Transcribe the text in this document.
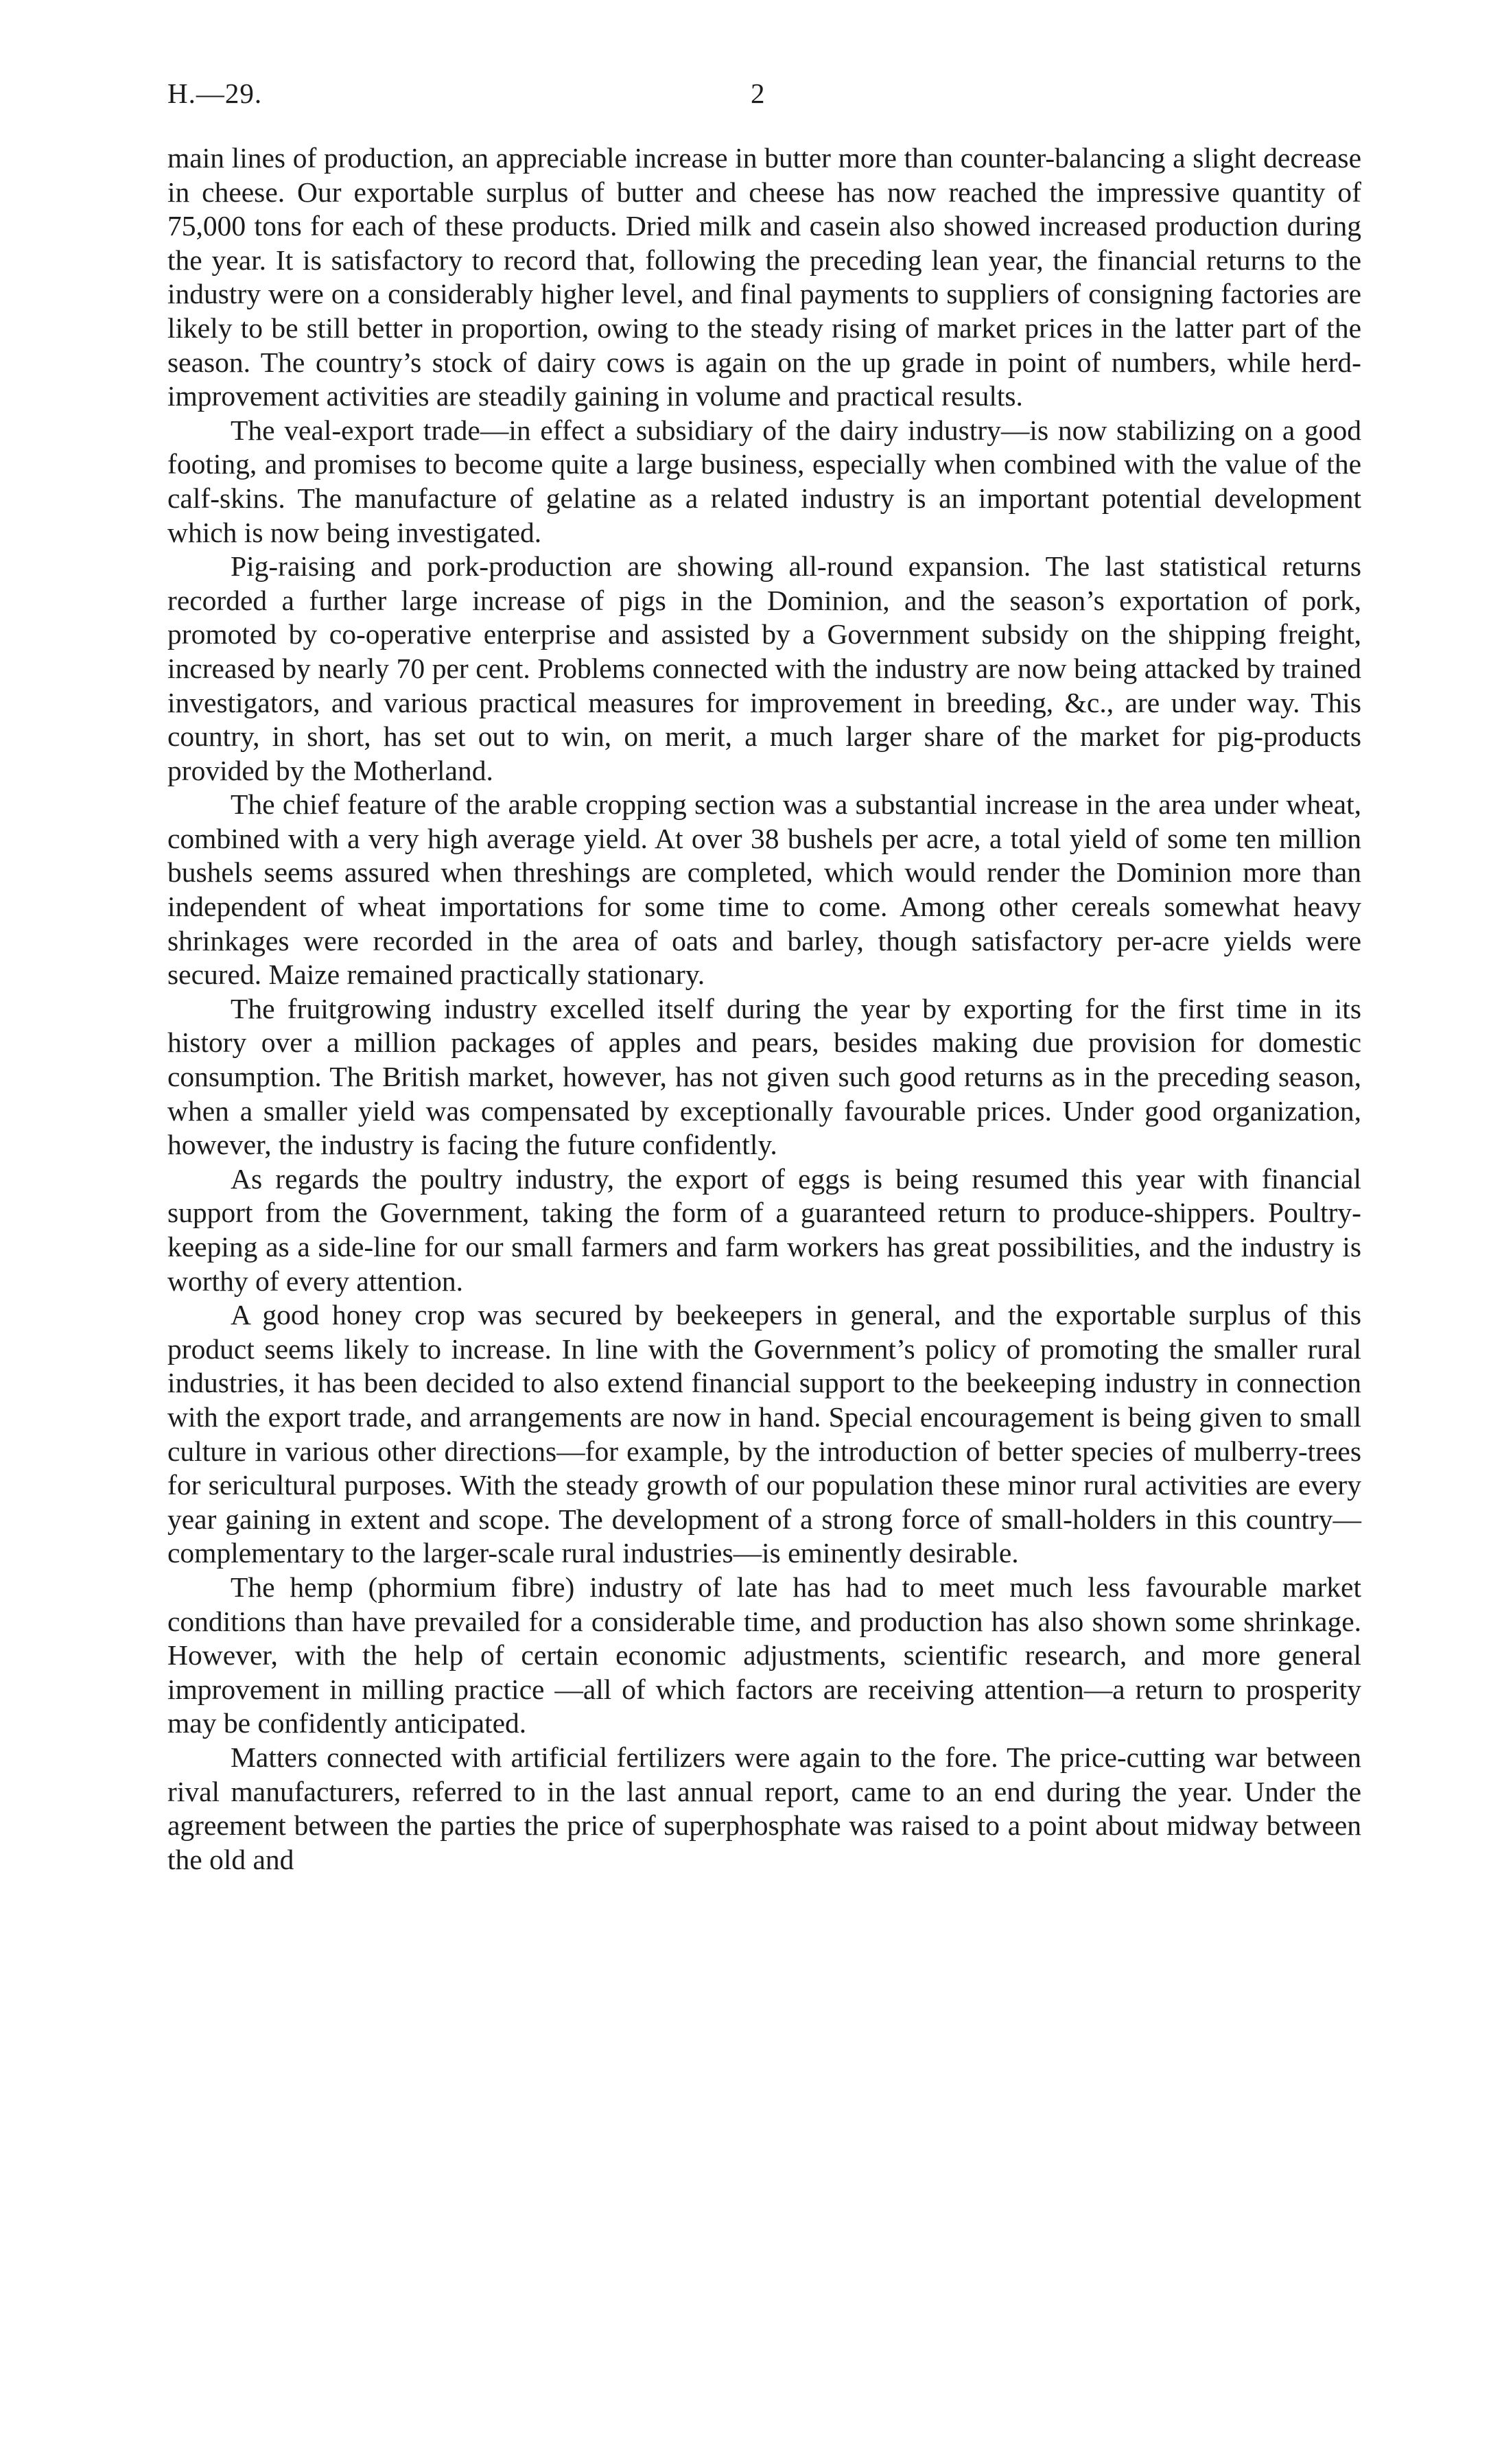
H.—29.	2

main lines of production, an appreciable increase in butter more than counter-balancing a slight decrease in cheese. Our exportable surplus of butter and cheese has now reached the impressive quantity of 75,000 tons for each of these products. Dried milk and casein also showed increased production during the year. It is satisfactory to record that, following the preceding lean year, the financial returns to the industry were on a considerably higher level, and final payments to suppliers of consigning factories are likely to be still better in proportion, owing to the steady rising of market prices in the latter part of the season. The country’s stock of dairy cows is again on the up grade in point of numbers, while herd-improvement activities are steadily gaining in volume and practical results.

The veal-export trade—in effect a subsidiary of the dairy industry—is now stabilizing on a good footing, and promises to become quite a large business, especially when combined with the value of the calf-skins. The manufacture of gelatine as a related industry is an important potential development which is now being investigated.

Pig-raising and pork-production are showing all-round expansion. The last statistical returns recorded a further large increase of pigs in the Dominion, and the season’s exportation of pork, promoted by co-operative enterprise and assisted by a Government subsidy on the shipping freight, increased by nearly 70 per cent. Problems connected with the industry are now being attacked by trained investigators, and various practical measures for improvement in breeding, &c., are under way. This country, in short, has set out to win, on merit, a much larger share of the market for pig-products provided by the Motherland.

The chief feature of the arable cropping section was a substantial increase in the area under wheat, combined with a very high average yield. At over 38 bushels per acre, a total yield of some ten million bushels seems assured when threshings are completed, which would render the Dominion more than independent of wheat importations for some time to come. Among other cereals somewhat heavy shrinkages were recorded in the area of oats and barley, though satisfactory per-acre yields were secured. Maize remained practically stationary.

The fruitgrowing industry excelled itself during the year by exporting for the first time in its history over a million packages of apples and pears, besides making due provision for domestic consumption. The British market, however, has not given such good returns as in the preceding season, when a smaller yield was compensated by exceptionally favourable prices. Under good organization, however, the industry is facing the future confidently.

As regards the poultry industry, the export of eggs is being resumed this year with financial support from the Government, taking the form of a guaranteed return to produce-shippers. Poultry-keeping as a side-line for our small farmers and farm workers has great possibilities, and the industry is worthy of every attention.

A good honey crop was secured by beekeepers in general, and the exportable surplus of this product seems likely to increase. In line with the Government’s policy of promoting the smaller rural industries, it has been decided to also extend financial support to the beekeeping industry in connection with the export trade, and arrangements are now in hand. Special encouragement is being given to small culture in various other directions—for example, by the introduction of better species of mulberry-trees for sericultural purposes. With the steady growth of our population these minor rural activities are every year gaining in extent and scope. The development of a strong force of small-holders in this country—complementary to the larger-scale rural industries—is eminently desirable.

The hemp (phormium fibre) industry of late has had to meet much less favourable market conditions than have prevailed for a considerable time, and production has also shown some shrinkage. However, with the help of certain economic adjustments, scientific research, and more general improvement in milling practice —all of which factors are receiving attention—a return to prosperity may be confidently anticipated.

Matters connected with artificial fertilizers were again to the fore. The price-cutting war between rival manufacturers, referred to in the last annual report, came to an end during the year. Under the agreement between the parties the price of superphosphate was raised to a point about midway between the old and
